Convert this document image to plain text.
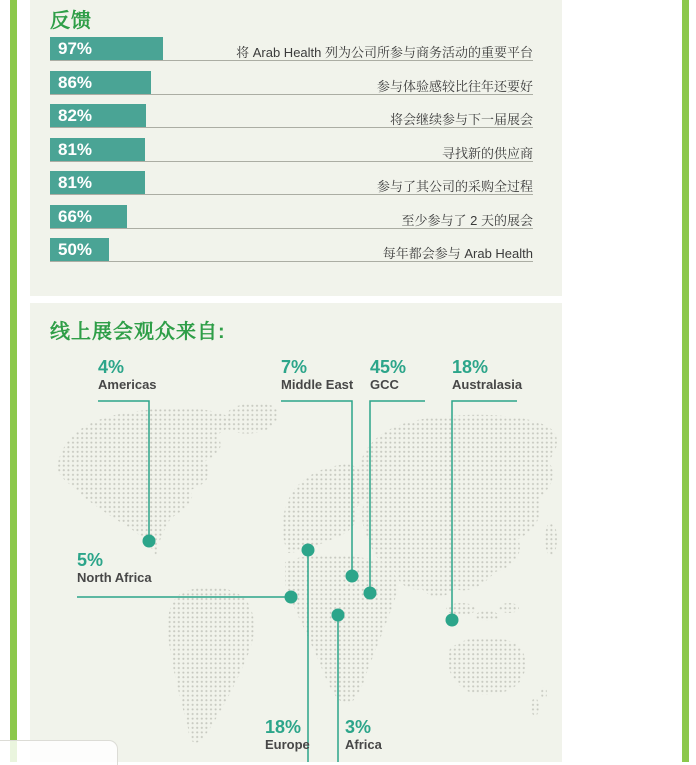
反馈
97%	将 Arab Health 列为公司所参与商务活动的重要平台
86%	参与体验感较比往年还要好
82%	将会继续参与下一届展会
81%	寻找新的供应商
81%	参与了其公司的采购全过程
66%	至少参与了 2 天的展会
50%	每年都会参与 Arab Health
线上展会观众来自:
4%
Americas
7%
Middle East
45%
GCC
18%
Australasia
5%
North Africa
18%
Europe
3%
Africa
